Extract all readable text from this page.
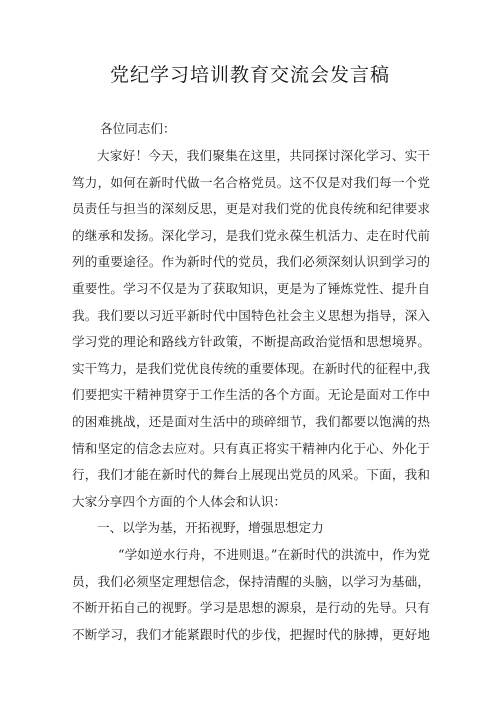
党纪学习培训教育交流会发言稿

各位同志们：

大家好！今天，我们聚集在这里，共同探讨深化学习、实干
笃力，如何在新时代做一名合格党员。这不仅是对我们每一个党
员责任与担当的深刻反思，更是对我们党的优良传统和纪律要求
的继承和发扬。深化学习，是我们党永葆生机活力、走在时代前
列的重要途径。作为新时代的党员，我们必须深刻认识到学习的
重要性。学习不仅是为了获取知识，更是为了锤炼党性、提升自
我。我们要以习近平新时代中国特色社会主义思想为指导，深入
学习党的理论和路线方针政策，不断提高政治觉悟和思想境界。
实干笃力，是我们党优良传统的重要体现。在新时代的征程中,我
们要把实干精神贯穿于工作生活的各个方面。无论是面对工作中
的困难挑战，还是面对生活中的琐碎细节，我们都要以饱满的热
情和坚定的信念去应对。只有真正将实干精神内化于心、外化于
行，我们才能在新时代的舞台上展现出党员的风采。下面，我和
大家分享四个方面的个人体会和认识：

一、以学为基，开拓视野，增强思想定力

“学如逆水行舟，不进则退。”在新时代的洪流中，作为党
员，我们必须坚定理想信念，保持清醒的头脑，以学习为基础，
不断开拓自己的视野。学习是思想的源泉，是行动的先导。只有
不断学习，我们才能紧跟时代的步伐，把握时代的脉搏，更好地
